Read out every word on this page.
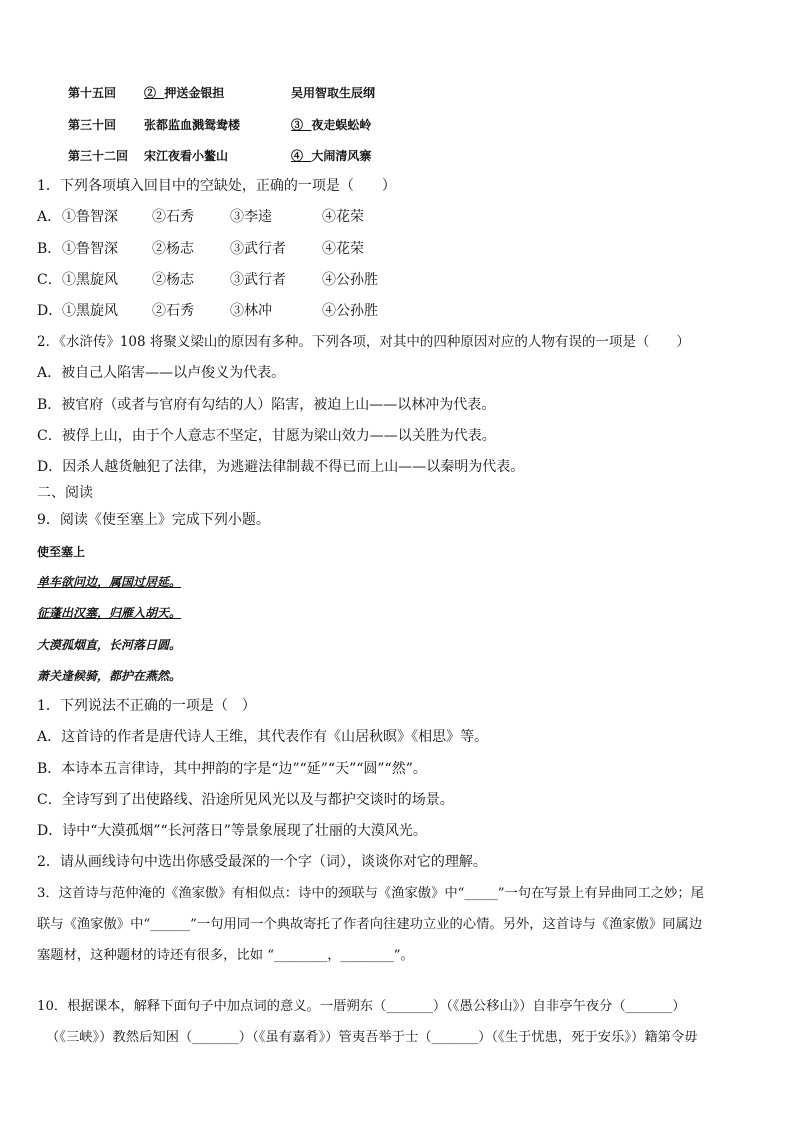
第十五回 ② 押送金银担	吴用智取生辰纲
第三十回 张都监血溅鸳鸯楼	③ 夜走蜈蚣岭
第三十二回 宋江夜看小鳌山	④ 大闹清风寨
1．下列各项填入回目中的空缺处，正确的一项是（　　）
A． ①鲁智深 ②石秀	③李逵	④花荣
B． ①鲁智深 ②杨志	③武行者	④花荣
C． ①黑旋风 ②杨志	③武行者	④公孙胜
D． ①黑旋风 ②石秀	③林冲	④公孙胜
2．《水浒传》108 将聚义梁山的原因有多种。下列各项，对其中的四种原因对应的人物有误的一项是（　　）
A．被自己人陷害——以卢俊义为代表。
B．被官府（或者与官府有勾结的人）陷害，被迫上山——以林冲为代表。
C．被俘上山，由于个人意志不坚定，甘愿为梁山效力——以关胜为代表。
D．因杀人越货触犯了法律，为逃避法律制裁不得已而上山——以秦明为代表。
二、阅读
9．阅读《使至塞上》完成下列小题。
使至塞上
单车欲问边，属国过居延。
征蓬出汉塞，归雁入胡天。
大漠孤烟直，长河落日圆。
萧关逢候骑，都护在燕然。
1．下列说法不正确的一项是（　）
A．这首诗的作者是唐代诗人王维，其代表作有《山居秋暝》《相思》等。
B．本诗本五言律诗，其中押韵的字是“边”“延”“天”“圆”“然”。
C．全诗写到了出使路线、沿途所见风光以及与都护交谈时的场景。
D．诗中“大漠孤烟”“长河落日”等景象展现了壮丽的大漠风光。
2．请从画线诗句中选出你感受最深的一个字（词），谈谈你对它的理解。
3．这首诗与范仲淹的《渔家傲》有相似点：诗中的颈联与《渔家傲》中“_____”一句在写景上有异曲同工之妙；尾
联与《渔家傲》中“______”一句用同一个典故寄托了作者向往建功立业的心情。另外，这首诗与《渔家傲》同属边
塞题材，这种题材的诗还有很多，比如 “________，________”。
10．根据课本，解释下面句子中加点词的意义。一厝朔东（_______）（《愚公移山》）自非亭午夜分（_______）
（《三峡》）教然后知困（_______）（《虽有嘉肴》）管夷吾举于士（_______）（《生于忧患，死于安乐》）籍第令毋
